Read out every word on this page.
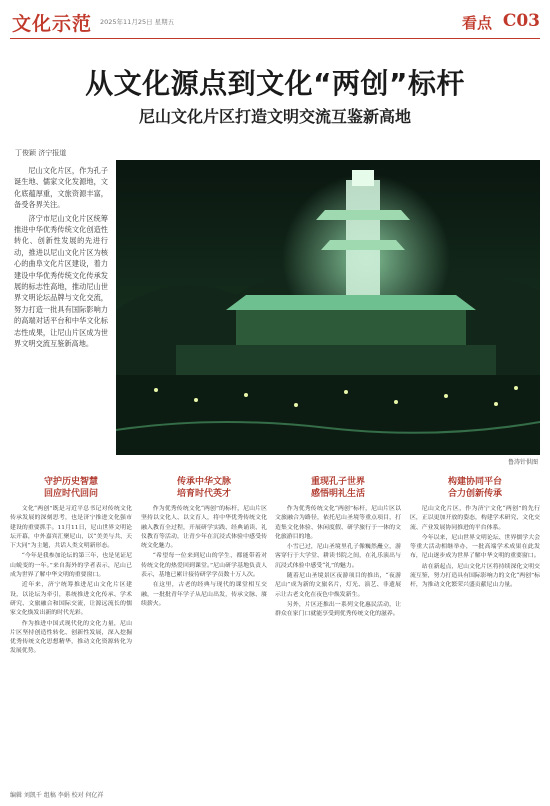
文化示范 2025年11月25日 星期五	看点 C03
从文化源点到文化“两创”标杆
尼山文化片区打造文明交流互鉴新高地
丁俊颖 济宁报道

尼山文化片区，作为孔子诞生地、儒家文化发源地，文化底蕴厚重，文旅资源丰富，备受各界关注。

济宁市尼山文化片区统筹推进中华优秀传统文化创造性转化、创新性发展的先进行动，推进以尼山文化片区为核心的曲阜文化片区建设，着力建设中华优秀传统文化传承发展的标志性高地，推动尼山世界文明论坛品牌与文化交流，努力打造一批具有国际影响力的高端对话平台和中华文化标志性成果，让尼山片区成为世界文明交流互鉴新高地。

鲁涛针供图
守护历史智慧
回应时代回问

文化“两创”既是习近平总书记对传统文化传承发展的深刻思考，也是济宁推进文化强市建设的重要抓手。11月11日，尼山世界文明论坛开幕，中外嘉宾汇聚尼山，以“美美与共、天下大同”为主题，共话人类文明新形态。

“今年是我参加论坛的第三年，也是见证尼山蜕变的一年。”来自海外的学者表示，尼山已成为世界了解中华文明的重要窗口。

近年来，济宁统筹推进尼山文化片区建设，以论坛为牵引，系统推进文化传承、学术研究、文旅融合和国际交流，让源远流长的儒家文化焕发出新的时代光彩。

作为推进中国式现代化的文化力量，尼山片区坚持创造性转化、创新性发展，深入挖掘优秀传统文化思想精华，推动文化资源转化为发展优势。

传承中华文脉
培育时代英才

作为优秀传统文化“两创”的标杆，尼山片区坚持以文化人、以文育人，将中华优秀传统文化融入教育全过程，开展研学实践、经典诵读、礼仪教育等活动，让青少年在沉浸式体验中感受传统文化魅力。

“希望每一位来到尼山的学生，都能带着对传统文化的热爱回到课堂。”尼山研学基地负责人表示，基地已累计接待研学学员数十万人次。

在这里，古老的经典与现代的课堂相互交融，一批批青年学子从尼山出发，传承文脉、赓续薪火。

重现孔子世界
感悟明礼生活

作为优秀传统文化“两创”标杆，尼山片区以文旅融合为路径，依托尼山圣境等重点项目，打造集文化体验、休闲度假、研学旅行于一体的文化旅游目的地。

小雪已过，尼山圣境里孔子像巍然矗立，游客穿行于大学堂、耕读书院之间，在礼乐演出与沉浸式体验中感受“礼”的魅力。

随着尼山圣境景区夜游项目的推出，“夜游尼山”成为新的文旅名片，灯光、演艺、非遗展示让古老文化在夜色中焕发新生。

另外，片区还推出一系列文化惠民活动，让群众在家门口就能享受到优秀传统文化的滋养。

构建协同平台
合力创新传承

尼山文化片区，作为济宁文化“两创”的先行区，正以更加开放的姿态，构建学术研究、文化交流、产业发展协同推进的平台体系。

今年以来，尼山世界文明论坛、世界儒学大会等重大活动相继举办，一批高端学术成果在此发布，尼山逐步成为世界了解中华文明的重要窗口。

站在新起点，尼山文化片区将持续深化文明交流互鉴，努力打造具有国际影响力的文化“两创”标杆，为推动文化繁荣兴盛贡献尼山力量。

编辑 刘凯千 组稿 李娟 校对 何亿祥
